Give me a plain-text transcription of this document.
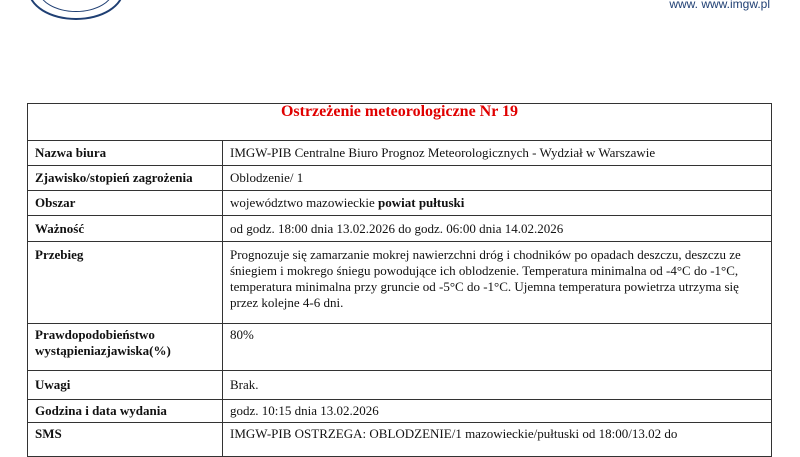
www. www.imgw.pl
Ostrzeżenie meteorologiczne Nr 19	
Nazwa biura	IMGW-PIB Centralne Biuro Prognoz Meteorologicznych - Wydział w Warszawie
Zjawisko/stopień zagrożenia	Oblodzenie/ 1
Obszar	województwo mazowieckie powiat pułtuski
Ważność	od godz. 18:00 dnia 13.02.2026 do godz. 06:00 dnia 14.02.2026
Przebieg	Prognozuje się zamarzanie mokrej nawierzchni dróg i chodników po opadach deszczu, deszczu ze śniegiem i mokrego śniegu powodujące ich oblodzenie. Temperatura minimalna od -4°C do -1°C, temperatura minimalna przy gruncie od -5°C do -1°C. Ujemna temperatura powietrza utrzyma się przez kolejne 4-6 dni.
Prawdopodobieństwo wystąpieniazjawiska(%)	80%
Uwagi	Brak.
Godzina i data wydania	godz. 10:15 dnia 13.02.2026
SMS	IMGW-PIB OSTRZEGA: OBLODZENIE/1 mazowieckie/pułtuski od 18:00/13.02 do
